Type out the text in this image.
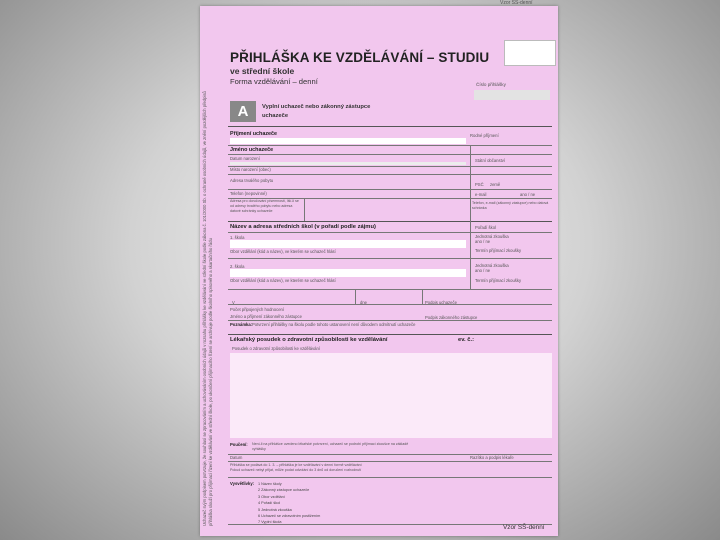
Vzor SŠ-denní
Uchazeč svým podpisem potvrzuje, že souhlasí se zpracováním a uchováváním osobních údajů v rozsahu přihlášky ke vzdělávání ve střední škole podle zákona č. 101/2000 Sb. o ochraně osobních údajů, ve znění pozdějších předpisů přihláška slouží pro přijímací řízení ke vzdělávání ve střední škole, po ukončení přijímacího řízení se archivuje podle školního spisového a skartačního řádu
PŘIHLÁŠKA KE VZDĚLÁVÁNÍ – STUDIU
ve střední škole
Forma vzdělávání – denní	Číslo přihlášky
A	Vyplní uchazeč nebo zákonný zástupce uchazeče
Příjmení uchazeče	Rodné příjmení
Jméno uchazeče
Datum narození	Státní občanství
Místo narození (obec)
Adresa trvalého pobytu
PSČ země
Telefon (nepovinné)	e-mail	ano / ne
Adresa pro doručování písemností, liší-li se od adresy trvalého pobytu nebo adresa datové schránky uchazeče
Telefon, e-mail (zákonný zástupce) nebo datová schránka
Název a adresa středních škol (v pořadí podle zájmu)	Pořadí škol
1. škola	Jednotná zkouška
ano / ne
Obor vzdělání (kód a název), ve kterém se uchazeč hlásí	Termín přijímací zkoušky
2. škola	Jednotná zkouška
ano / ne
Obor vzdělání (kód a název), ve kterém se uchazeč hlásí	Termín přijímací zkoušky
V	dne	Podpis uchazeče
Počet připojených hodnocení
Jméno a příjmení zákonného zástupce	Podpis zákonného zástupce
Poznámka: Potvrzení přihlášky na školu podle tohoto ustanovení není důvodem odmítnutí uchazeče
Lékařský posudek o zdravotní způsobilosti ke vzdělávání	ev. č.:
Posudek o zdravotní způsobilosti ke vzdělávání
Poučení: Není-li na přihlášce uvedeno lékařské potvrzení, uchazeč se podrobí přijímací zkoušce na základě vyhlášky
Datum	Razítko a podpis lékaře
Přihláška se podává do 1. 3. – přihláška je ke vzdělávání v denní formě vzdělávání
Pokud uchazeč nebyl přijat, může podat odvolání do 3 dnů od doručení rozhodnutí
Vysvětlivky: 1 Název školy
2 Zákonný zástupce uchazeče
3 Obor vzdělání
4 Pořadí škol
5 Jednotná zkouška
6 Uchazeč se zdravotním postižením
7 Vyplní škola
Vzor SŠ-denní
